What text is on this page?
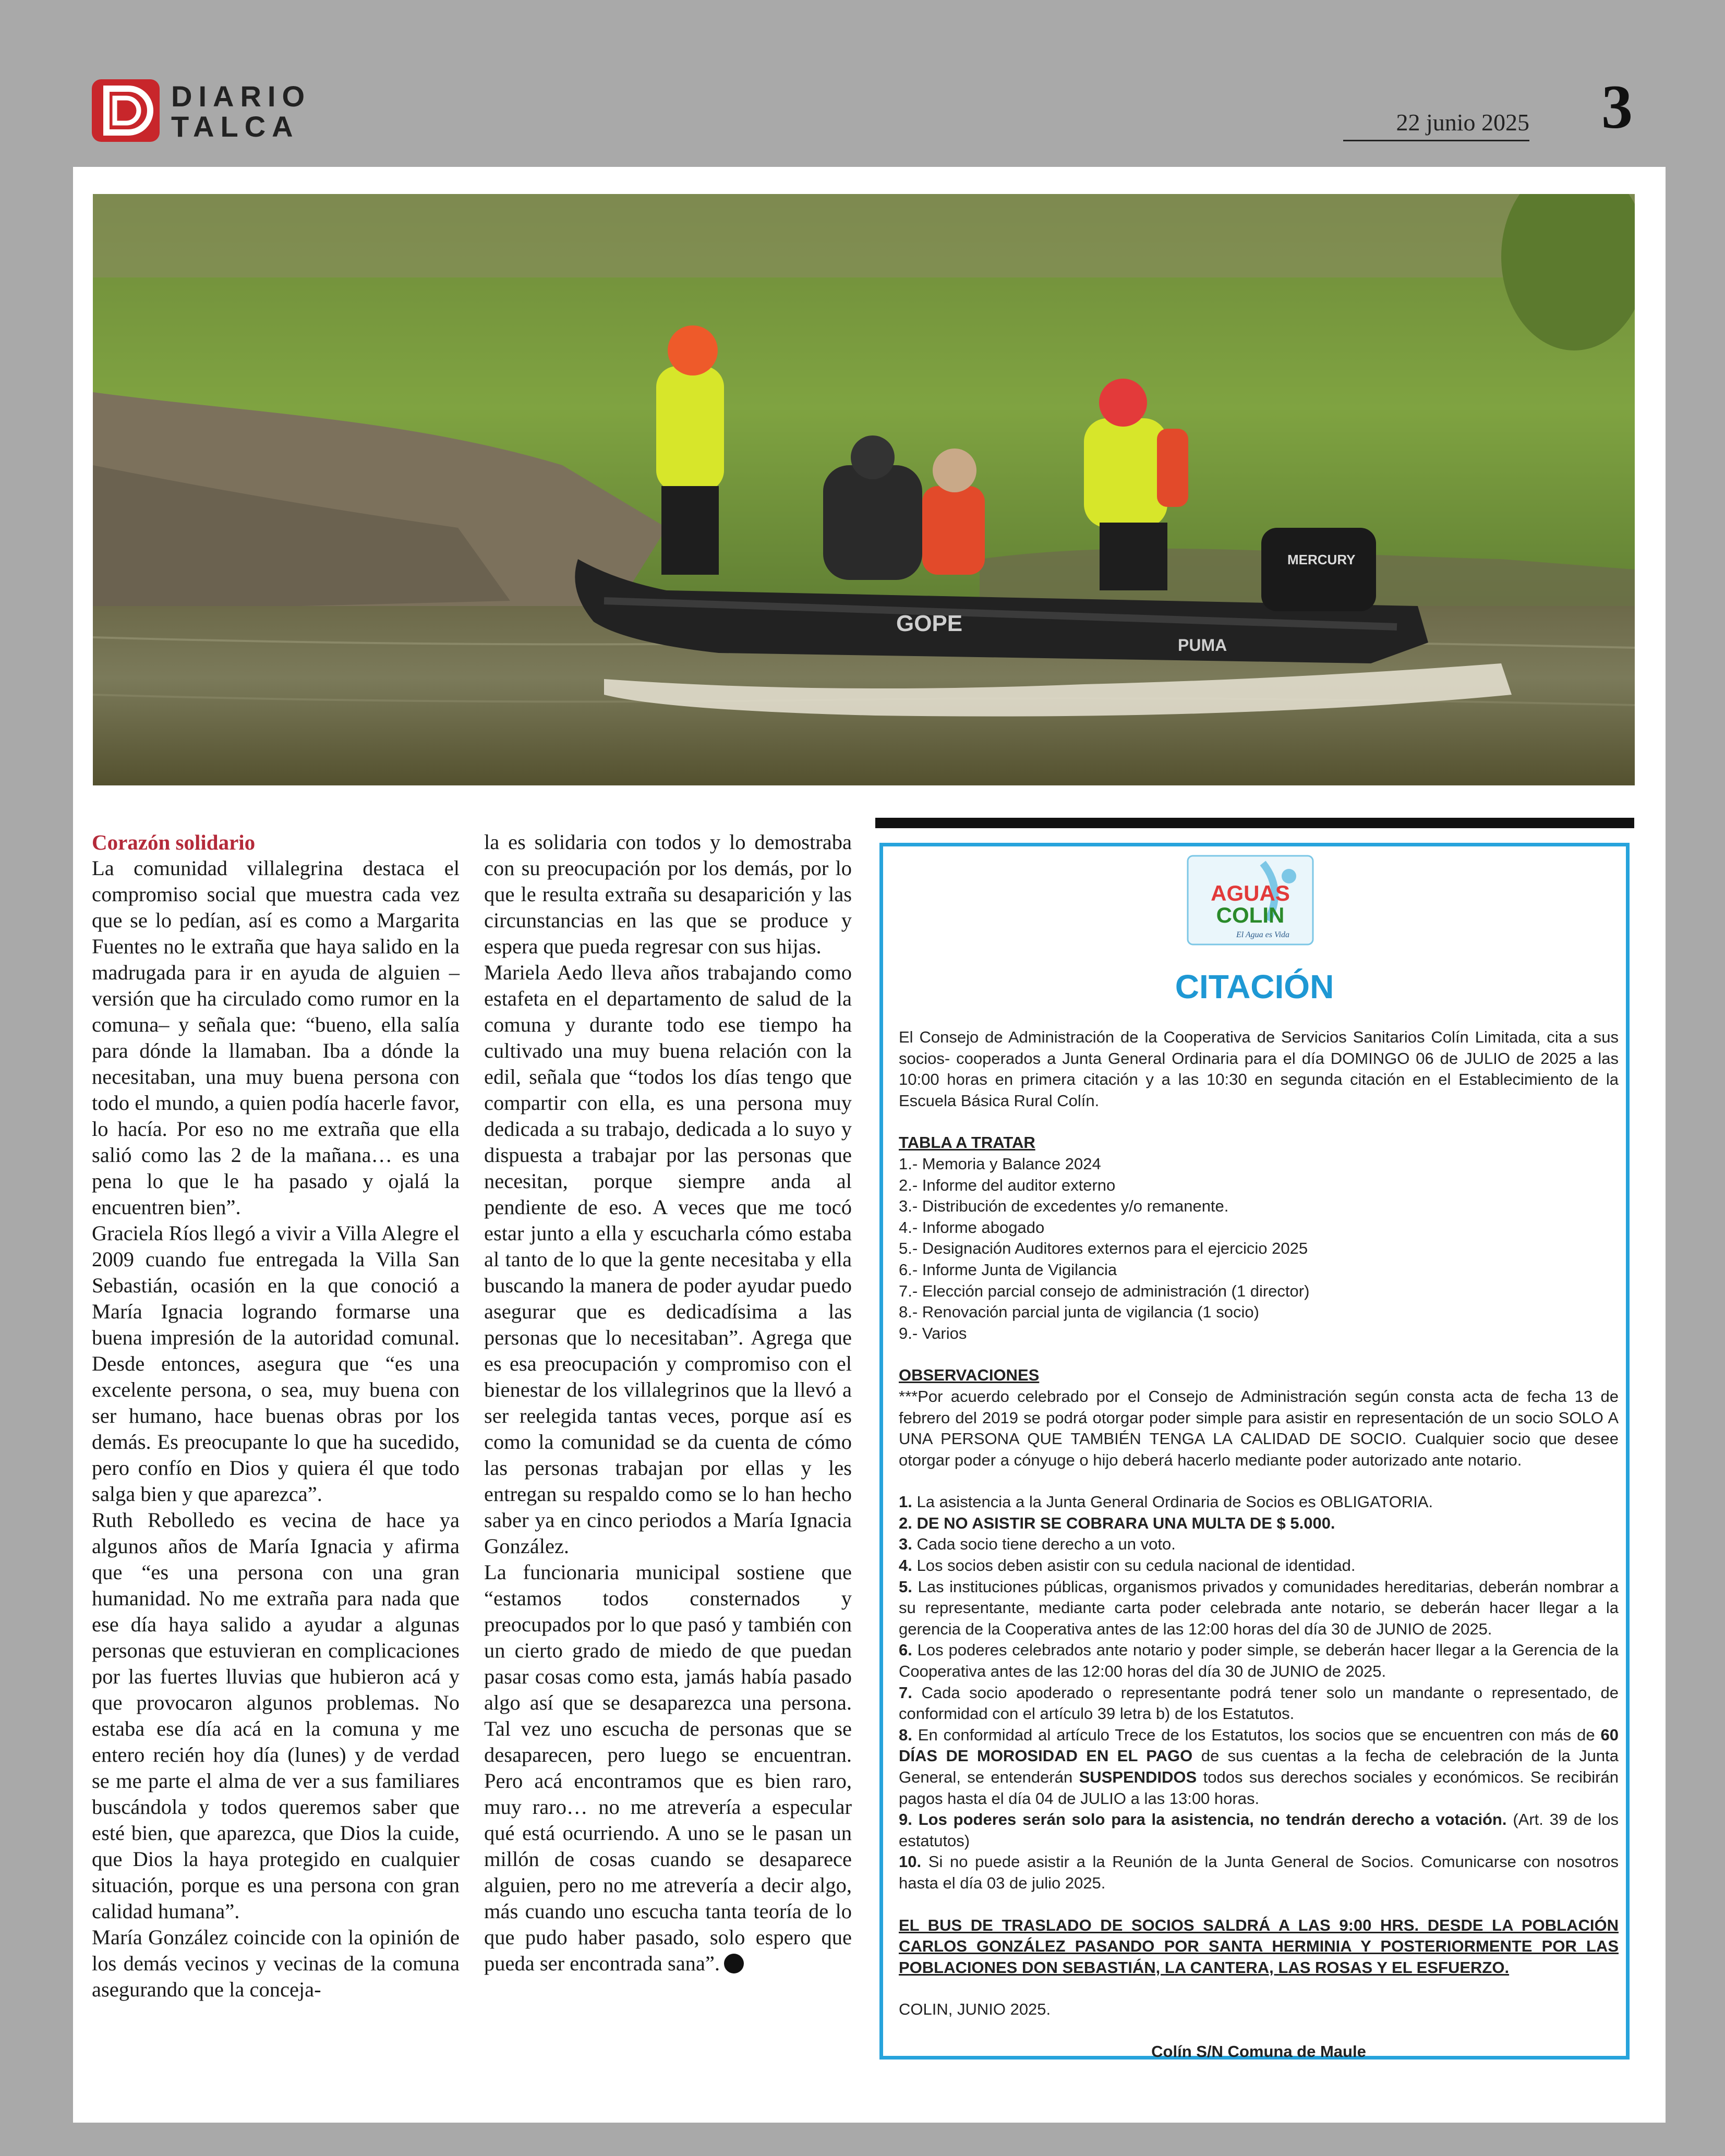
DIARIO
TALCA	22 junio 2025 3
GOPE
PUMA
MERCURY
Corazón solidario

La comunidad villalegrina destaca el compromiso social que muestra cada vez que se lo pedían, así es como a Margarita Fuentes no le extraña que haya salido en la madrugada para ir en ayuda de alguien –versión que ha circulado como rumor en la comuna– y señala que: “bueno, ella salía para dónde la llamaban. Iba a dónde la necesitaban, una muy buena persona con todo el mundo, a quien podía hacerle favor, lo hacía. Por eso no me extraña que ella salió como las 2 de la mañana… es una pena lo que le ha pasado y ojalá la encuentren bien”.

Graciela Ríos llegó a vivir a Villa Alegre el 2009 cuando fue entregada la Villa San Sebastián, ocasión en la que conoció a María Ignacia logrando formarse una buena impresión de la autoridad comunal. Desde entonces, asegura que “es una excelente persona, o sea, muy buena con ser humano, hace buenas obras por los demás. Es preocupante lo que ha sucedido, pero confío en Dios y quiera él que todo salga bien y que aparezca”.

Ruth Rebolledo es vecina de hace ya algunos años de María Ignacia y afirma que “es una persona con una gran humanidad. No me extraña para nada que ese día haya salido a ayudar a algunas personas que estuvieran en complicaciones por las fuertes lluvias que hubieron acá y que provocaron algunos problemas. No estaba ese día acá en la comuna y me entero recién hoy día (lunes) y de verdad se me parte el alma de ver a sus familiares buscándola y todos queremos saber que esté bien, que aparezca, que Dios la cuide, que Dios la haya protegido en cualquier situación, porque es una persona con gran calidad humana”.

María González coincide con la opinión de los demás vecinos y vecinas de la comuna asegurando que la conceja-

la es solidaria con todos y lo demostraba con su preocupación por los demás, por lo que le resulta extraña su desaparición y las circunstancias en las que se produce y espera que pueda regresar con sus hijas.

Mariela Aedo lleva años trabajando como estafeta en el departamento de salud de la comuna y durante todo ese tiempo ha cultivado una muy buena relación con la edil, señala que “todos los días tengo que compartir con ella, es una persona muy dedicada a su trabajo, dedicada a lo suyo y dispuesta a trabajar por las personas que necesitan, porque siempre anda al pendiente de eso. A veces que me tocó estar junto a ella y escucharla cómo estaba al tanto de lo que la gente necesitaba y ella buscando la manera de poder ayudar puedo asegurar que es dedicadísima a las personas que lo necesitaban”. Agrega que es esa preocupación y compromiso con el bienestar de los villalegrinos que la llevó a ser reelegida tantas veces, porque así es como la comunidad se da cuenta de cómo las personas trabajan por ellas y les entregan su respaldo como se lo han hecho saber ya en cinco periodos a María Ignacia González.

La funcionaria municipal sostiene que “estamos todos consternados y preocupados por lo que pasó y también con un cierto grado de miedo de que puedan pasar cosas como esta, jamás había pasado algo así que se desaparezca una persona. Tal vez uno escucha de personas que se desaparecen, pero luego se encuentran. Pero acá encontramos que es bien raro, muy raro… no me atrevería a especular qué está ocurriendo. A uno se le pasan un millón de cosas cuando se desaparece alguien, pero no me atrevería a decir algo, más cuando uno escucha tanta teoría de lo que pudo haber pasado, solo espero que pueda ser encontrada sana”.

AGUAS
COLIN
El Agua es Vida
CITACIÓN

El Consejo de Administración de la Cooperativa de Servicios Sanitarios Colín Limitada, cita a sus socios- cooperados a Junta General Ordinaria para el día DOMINGO 06 de JULIO de 2025 a las 10:00 horas en primera citación y a las 10:30 en segunda citación en el Establecimiento de la Escuela Básica Rural Colín.

TABLA A TRATAR

1.- Memoria y Balance 2024

2.- Informe del auditor externo

3.- Distribución de excedentes y/o remanente.

4.- Informe abogado

5.- Designación Auditores externos para el ejercicio 2025

6.- Informe Junta de Vigilancia

7.- Elección parcial consejo de administración (1 director)

8.- Renovación parcial junta de vigilancia (1 socio)

9.- Varios

OBSERVACIONES

***Por acuerdo celebrado por el Consejo de Administración según consta acta de fecha 13 de febrero del 2019 se podrá otorgar poder simple para asistir en representación de un socio SOLO A UNA PERSONA QUE TAMBIÉN TENGA LA CALIDAD DE SOCIO. Cualquier socio que desee otorgar poder a cónyuge o hijo deberá hacerlo mediante poder autorizado ante notario.

1. La asistencia a la Junta General Ordinaria de Socios es OBLIGATORIA.

2. DE NO ASISTIR SE COBRARA UNA MULTA DE $ 5.000.

3. Cada socio tiene derecho a un voto.

4. Los socios deben asistir con su cedula nacional de identidad.

5. Las instituciones públicas, organismos privados y comunidades hereditarias, deberán nombrar a su representante, mediante carta poder celebrada ante notario, se deberán hacer llegar a la gerencia de la Cooperativa antes de las 12:00 horas del día 30 de JUNIO de 2025.

6. Los poderes celebrados ante notario y poder simple, se deberán hacer llegar a la Gerencia de la Cooperativa antes de las 12:00 horas del día 30 de JUNIO de 2025.

7. Cada socio apoderado o representante podrá tener solo un mandante o representado, de conformidad con el artículo 39 letra b) de los Estatutos.

8. En conformidad al artículo Trece de los Estatutos, los socios que se encuentren con más de 60 DÍAS DE MOROSIDAD EN EL PAGO de sus cuentas a la fecha de celebración de la Junta General, se entenderán SUSPENDIDOS todos sus derechos sociales y económicos. Se recibirán pagos hasta el día 04 de JULIO a las 13:00 horas.

9. Los poderes serán solo para la asistencia, no tendrán derecho a votación. (Art. 39 de los estatutos)

10. Si no puede asistir a la Reunión de la Junta General de Socios. Comunicarse con nosotros hasta el día 03 de julio 2025.

EL BUS DE TRASLADO DE SOCIOS SALDRÁ A LAS 9:00 HRS. DESDE LA POBLACIÓN CARLOS GONZÁLEZ PASANDO POR SANTA HERMINIA Y POSTERIORMENTE POR LAS POBLACIONES DON SEBASTIÁN, LA CANTERA, LAS ROSAS Y EL ESFUERZO.

COLIN, JUNIO 2025.

Colín S/N Comuna de Maule
